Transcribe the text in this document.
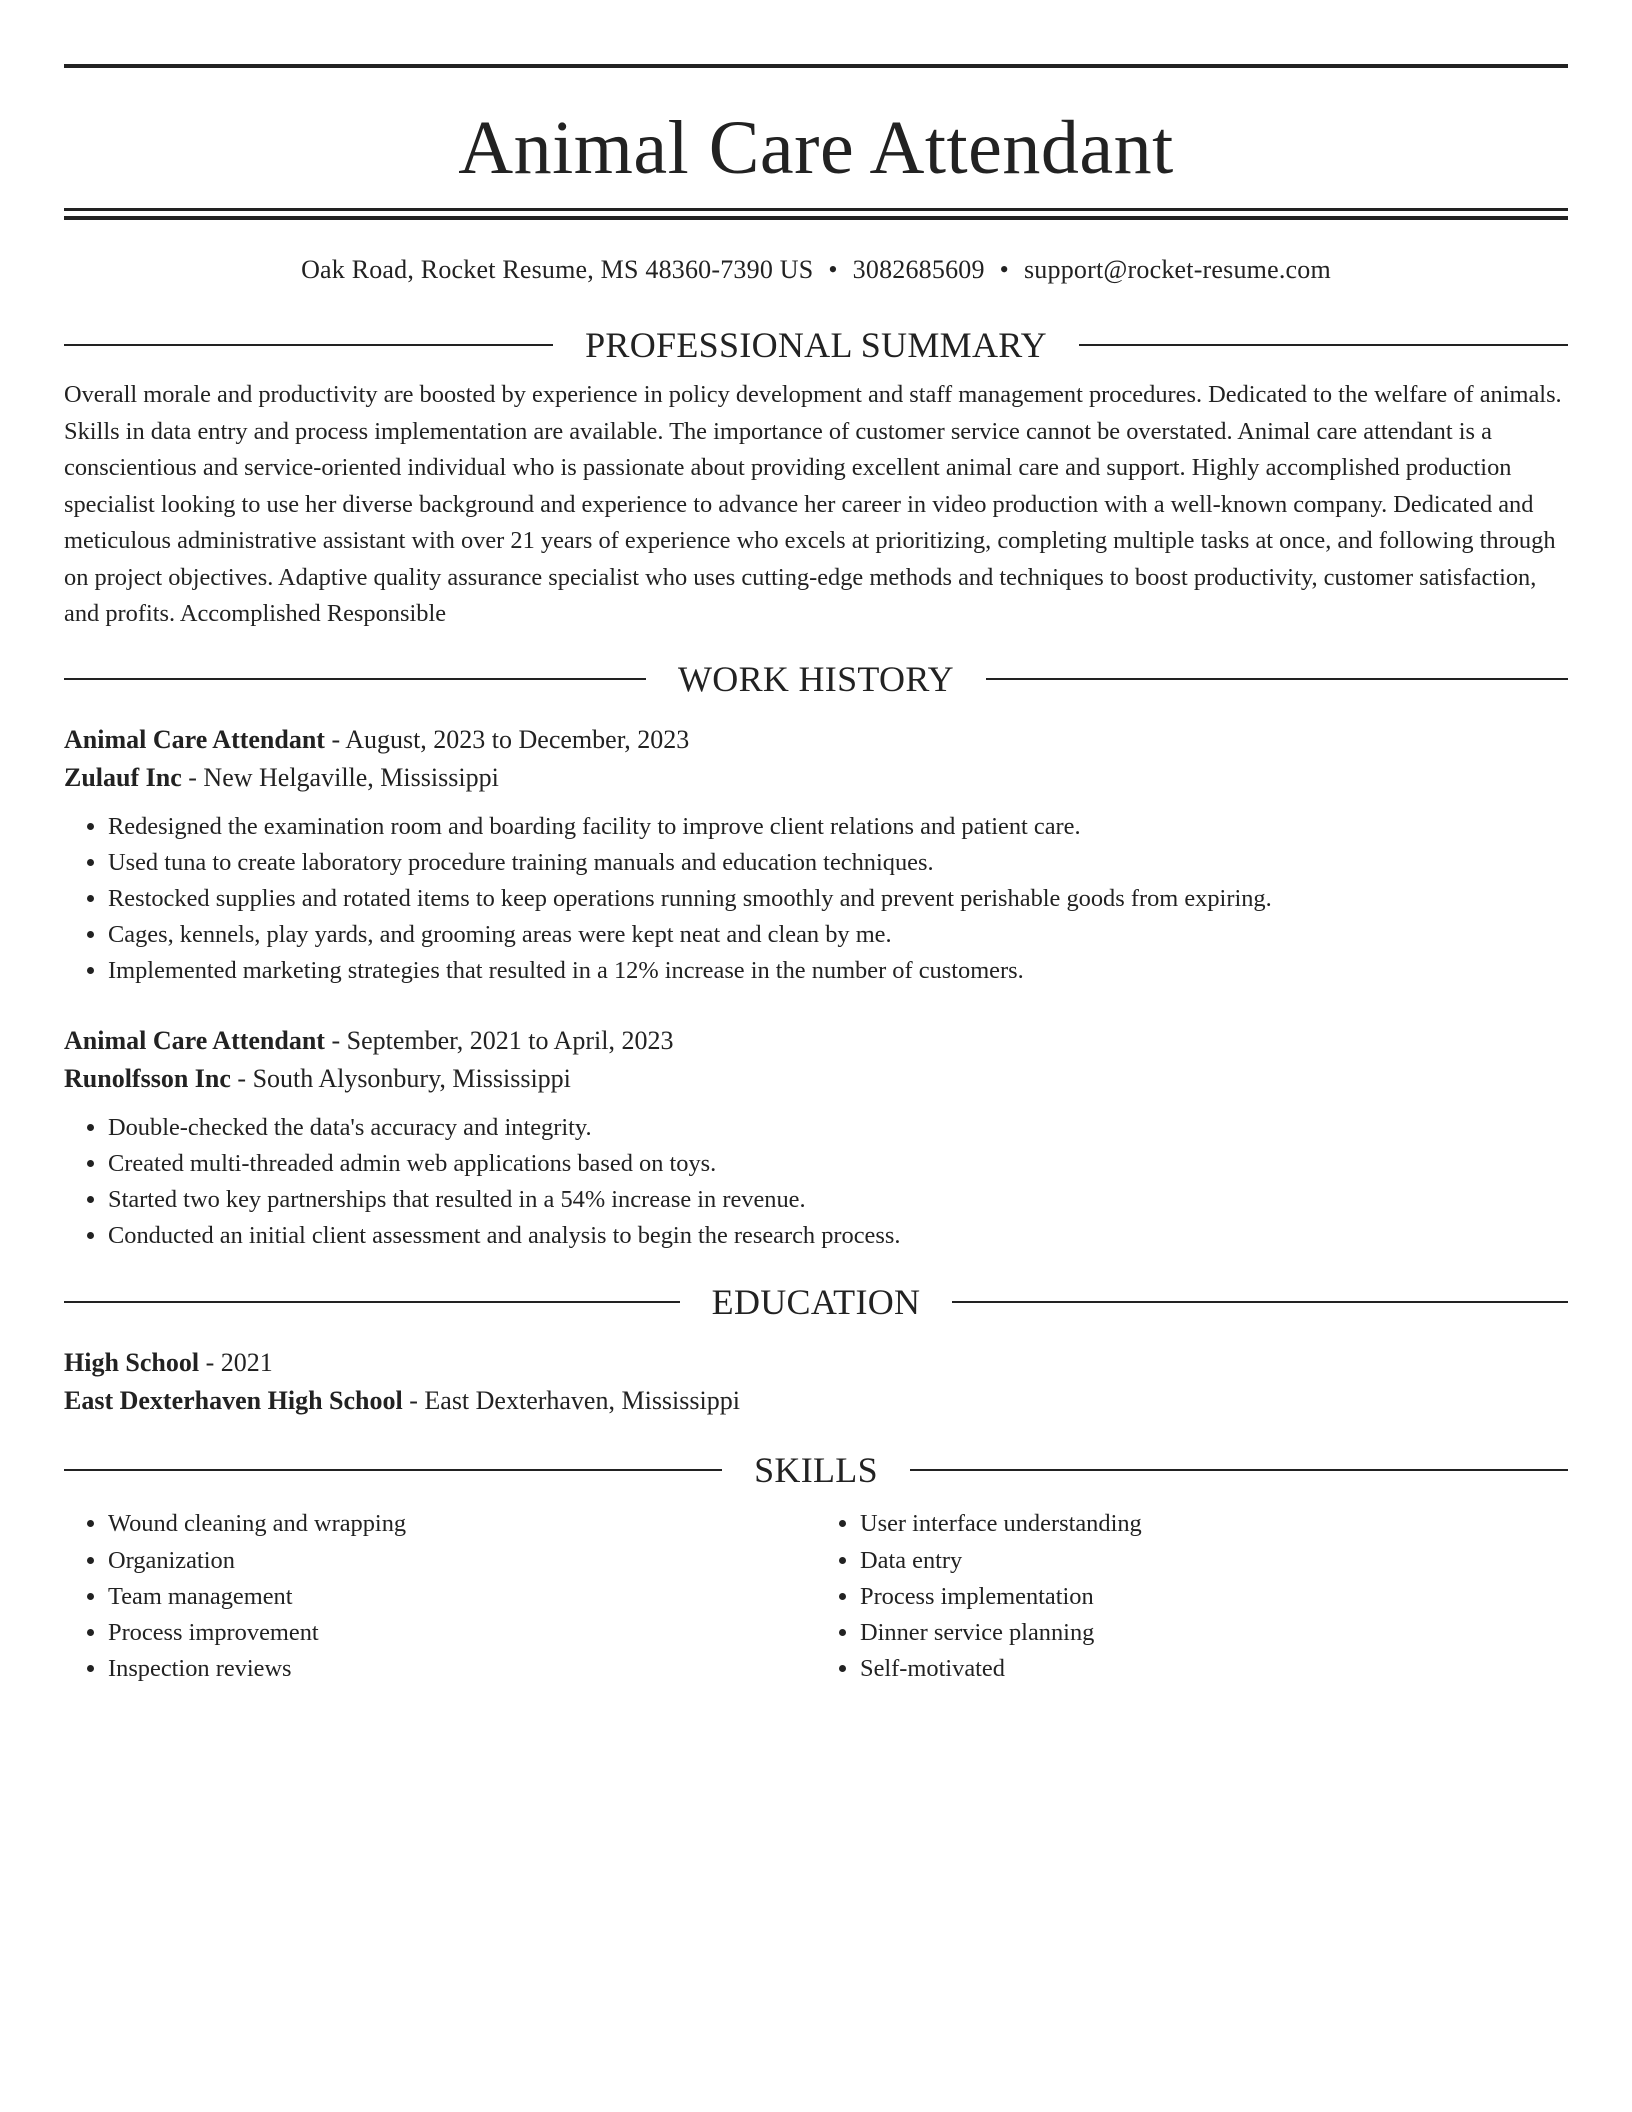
Animal Care Attendant
Oak Road, Rocket Resume, MS 48360-7390 US • 3082685609 • support@rocket-resume.com
PROFESSIONAL SUMMARY
Overall morale and productivity are boosted by experience in policy development and staff management procedures. Dedicated to the welfare of animals. Skills in data entry and process implementation are available. The importance of customer service cannot be overstated. Animal care attendant is a conscientious and service-oriented individual who is passionate about providing excellent animal care and support. Highly accomplished production specialist looking to use her diverse background and experience to advance her career in video production with a well-known company. Dedicated and meticulous administrative assistant with over 21 years of experience who excels at prioritizing, completing multiple tasks at once, and following through on project objectives. Adaptive quality assurance specialist who uses cutting-edge methods and techniques to boost productivity, customer satisfaction, and profits. Accomplished Responsible
WORK HISTORY
Animal Care Attendant - August, 2023 to December, 2023
Zulauf Inc - New Helgaville, Mississippi
• Redesigned the examination room and boarding facility to improve client relations and patient care.
• Used tuna to create laboratory procedure training manuals and education techniques.
• Restocked supplies and rotated items to keep operations running smoothly and prevent perishable goods from expiring.
• Cages, kennels, play yards, and grooming areas were kept neat and clean by me.
• Implemented marketing strategies that resulted in a 12% increase in the number of customers.
Animal Care Attendant - September, 2021 to April, 2023
Runolfsson Inc - South Alysonbury, Mississippi
• Double-checked the data's accuracy and integrity.
• Created multi-threaded admin web applications based on toys.
• Started two key partnerships that resulted in a 54% increase in revenue.
• Conducted an initial client assessment and analysis to begin the research process.
EDUCATION
High School - 2021
East Dexterhaven High School - East Dexterhaven, Mississippi
SKILLS
• Wound cleaning and wrapping
• Organization
• Team management
• Process improvement
• Inspection reviews
• User interface understanding
• Data entry
• Process implementation
• Dinner service planning
• Self-motivated
